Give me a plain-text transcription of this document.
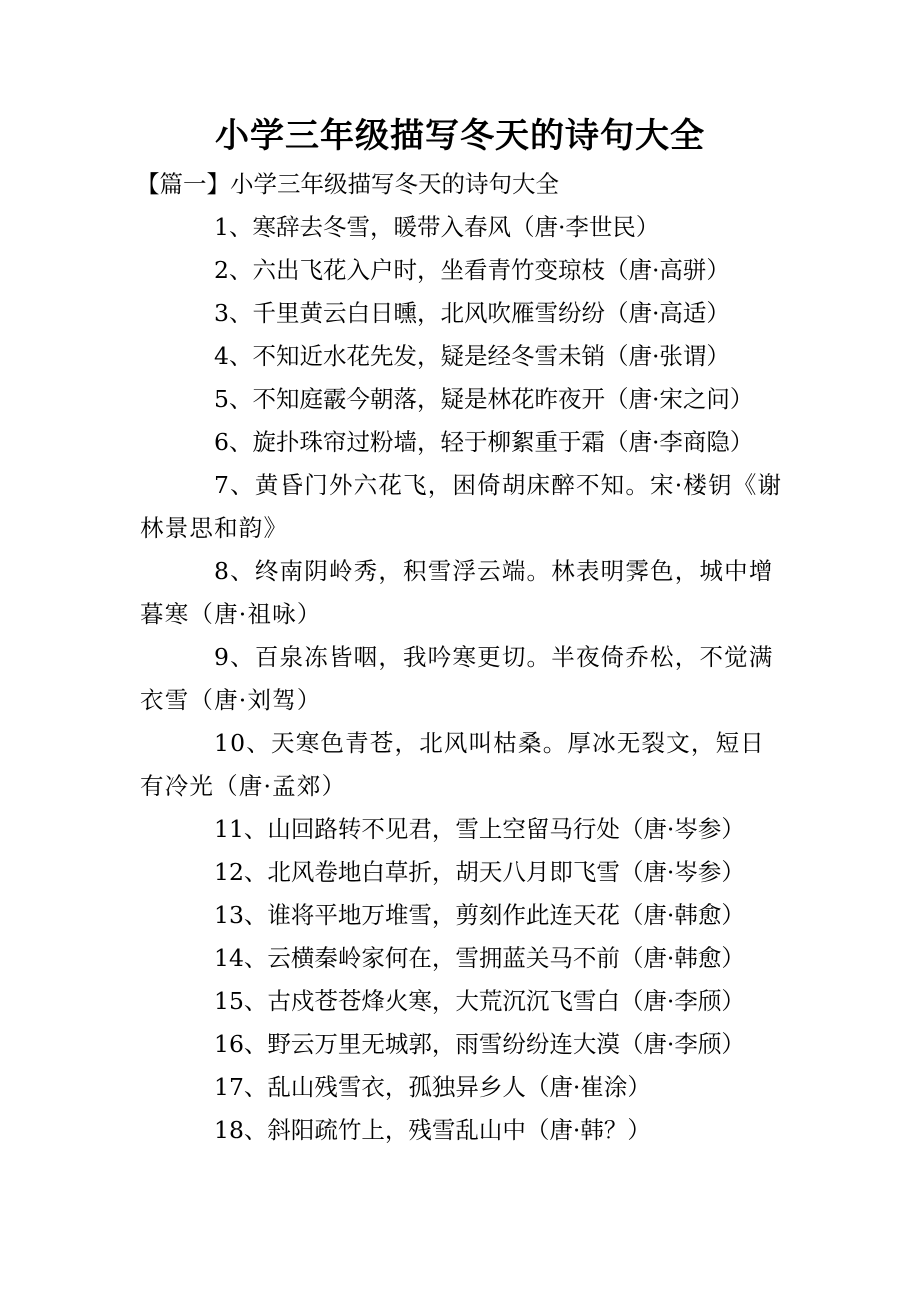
小学三年级描写冬天的诗句大全

【篇一】小学三年级描写冬天的诗句大全

1、寒辞去冬雪，暖带入春风（唐·李世民）

2、六出飞花入户时，坐看青竹变琼枝（唐·高骈）

3、千里黄云白日曛，北风吹雁雪纷纷（唐·高适）

4、不知近水花先发，疑是经冬雪未销（唐·张谓）

5、不知庭霰今朝落，疑是林花昨夜开（唐·宋之问）

6、旋扑珠帘过粉墙，轻于柳絮重于霜（唐·李商隐）

7、黄昏门外六花飞，困倚胡床醉不知。宋·楼钥《谢林景思和韵》

8、终南阴岭秀，积雪浮云端。林表明霁色，城中增暮寒（唐·祖咏）

9、百泉冻皆咽，我吟寒更切。半夜倚乔松，不觉满衣雪（唐·刘驾）

10、天寒色青苍，北风叫枯桑。厚冰无裂文，短日有冷光（唐·孟郊）

11、山回路转不见君，雪上空留马行处（唐·岑参）

12、北风卷地白草折，胡天八月即飞雪（唐·岑参）

13、谁将平地万堆雪，剪刻作此连天花（唐·韩愈）

14、云横秦岭家何在，雪拥蓝关马不前（唐·韩愈）

15、古戍苍苍烽火寒，大荒沉沉飞雪白（唐·李颀）

16、野云万里无城郭，雨雪纷纷连大漠（唐·李颀）

17、乱山残雪衣，孤独异乡人（唐·崔涂）

18、斜阳疏竹上，残雪乱山中（唐·韩？）
